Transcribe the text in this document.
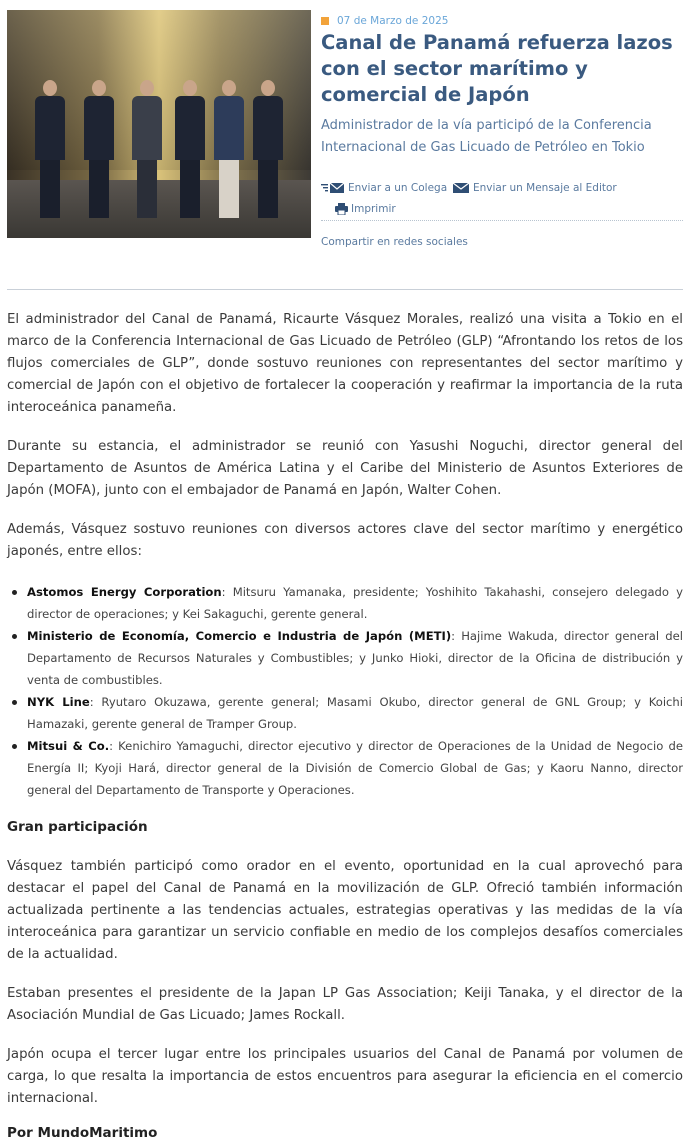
07 de Marzo de 2025
Canal de Panamá refuerza lazos con el sector marítimo y comercial de Japón

Administrador de la vía participó de la Conferencia Internacional de Gas Licuado de Petróleo en Tokio

Enviar a un Colega Enviar un Mensaje al Editor
Imprimir
Compartir en redes sociales

El administrador del Canal de Panamá, Ricaurte Vásquez Morales, realizó una visita a Tokio en el marco de la Conferencia Internacional de Gas Licuado de Petróleo (GLP) “Afrontando los retos de los flujos comerciales de GLP”, donde sostuvo reuniones con representantes del sector marítimo y comercial de Japón con el objetivo de fortalecer la cooperación y reafirmar la importancia de la ruta interoceánica panameña.

Durante su estancia, el administrador se reunió con Yasushi Noguchi, director general del Departamento de Asuntos de América Latina y el Caribe del Ministerio de Asuntos Exteriores de Japón (MOFA), junto con el embajador de Panamá en Japón, Walter Cohen.

Además, Vásquez sostuvo reuniones con diversos actores clave del sector marítimo y energético japonés, entre ellos:

Astomos Energy Corporation: Mitsuru Yamanaka, presidente; Yoshihito Takahashi, consejero delegado y director de operaciones; y Kei Sakaguchi, gerente general.
Ministerio de Economía, Comercio e Industria de Japón (METI): Hajime Wakuda, director general del Departamento de Recursos Naturales y Combustibles; y Junko Hioki, director de la Oficina de distribución y venta de combustibles.
NYK Line: Ryutaro Okuzawa, gerente general; Masami Okubo, director general de GNL Group; y Koichi Hamazaki, gerente general de Tramper Group.
Mitsui & Co.: Kenichiro Yamaguchi, director ejecutivo y director de Operaciones de la Unidad de Negocio de Energía II; Kyoji Hará, director general de la División de Comercio Global de Gas; y Kaoru Nanno, director general del Departamento de Transporte y Operaciones.
Gran participación

Vásquez también participó como orador en el evento, oportunidad en la cual aprovechó para destacar el papel del Canal de Panamá en la movilización de GLP. Ofreció también información actualizada pertinente a las tendencias actuales, estrategias operativas y las medidas de la vía interoceánica para garantizar un servicio confiable en medio de los complejos desafíos comerciales de la actualidad.

Estaban presentes el presidente de la Japan LP Gas Association; Keiji Tanaka, y el director de la Asociación Mundial de Gas Licuado; James Rockall.

Japón ocupa el tercer lugar entre los principales usuarios del Canal de Panamá por volumen de carga, lo que resalta la importancia de estos encuentros para asegurar la eficiencia en el comercio internacional.

Por MundoMaritimo
